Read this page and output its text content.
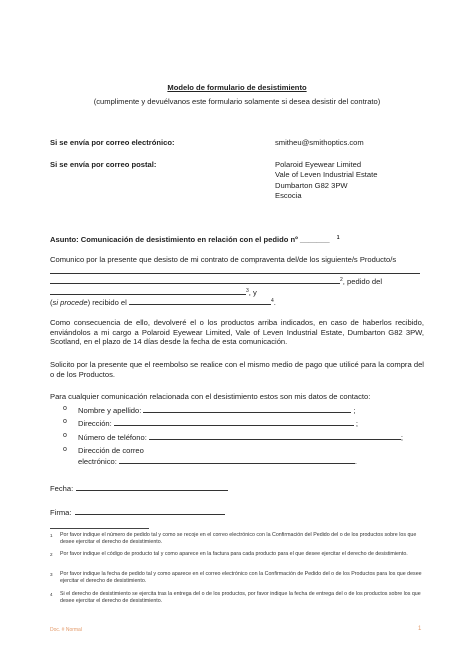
Modelo de formulario de desistimiento
(cumplimente y devuélvanos este formulario solamente si desea desistir del contrato)
Si se envía por correo electrónico:	smitheu@smithoptics.com
Si se envía por correo postal:	Polaroid Eyewear Limited
Vale of Leven Industrial Estate
Dumbarton G82 3PW
Escocia
Asunto: Comunicación de desistimiento en relación con el pedido nº _______ $^1$
Comunico por la presente que desisto de mi contrato de compraventa del/de los siguiente/s Producto/s
$^2$, pedido del
$^3$, y
(si procede) recibido el	$^4$.
Como consecuencia de ello, devolveré el o los productos arriba indicados, en caso de haberlos recibido, enviándolos a mi cargo a Polaroid Eyewear Limited, Vale of Leven Industrial Estate, Dumbarton G82 3PW, Scotland, en el plazo de 14 días desde la fecha de esta comunicación.
Solicito por la presente que el reembolso se realice con el mismo medio de pago que utilicé para la compra del o de los Productos.
Para cualquier comunicación relacionada con el desistimiento estos son mis datos de contacto:
o Nombre y apellido:	;
o Dirección:	;
o Número de teléfono:	;
o Dirección de correo
electrónico:	.
Fecha:
Firma:
1 Por favor indique el número de pedido tal y como se recoje en el correo electrónico con la Confirmación del Pedido del o de los productos sobre los que desee ejercitar el derecho de desistimiento.
2 Por favor indique el código de producto tal y como aparece en la factura para cada producto para el que desee ejercitar el derecho de desistimiento.
3 Por favor indique la fecha de pedido tal y como aparece en el correo electrónico con la Confirmación de Pedido del o de los Productos para los que desee ejercitar el derecho de desistimiento.
4 Si el derecho de desistimiento se ejercita tras la entrega del o de los productos, por favor indique la fecha de entrega del o de los productos sobre los que desee ejercitar el derecho de desistimiento.
Doc. # Normal	1
